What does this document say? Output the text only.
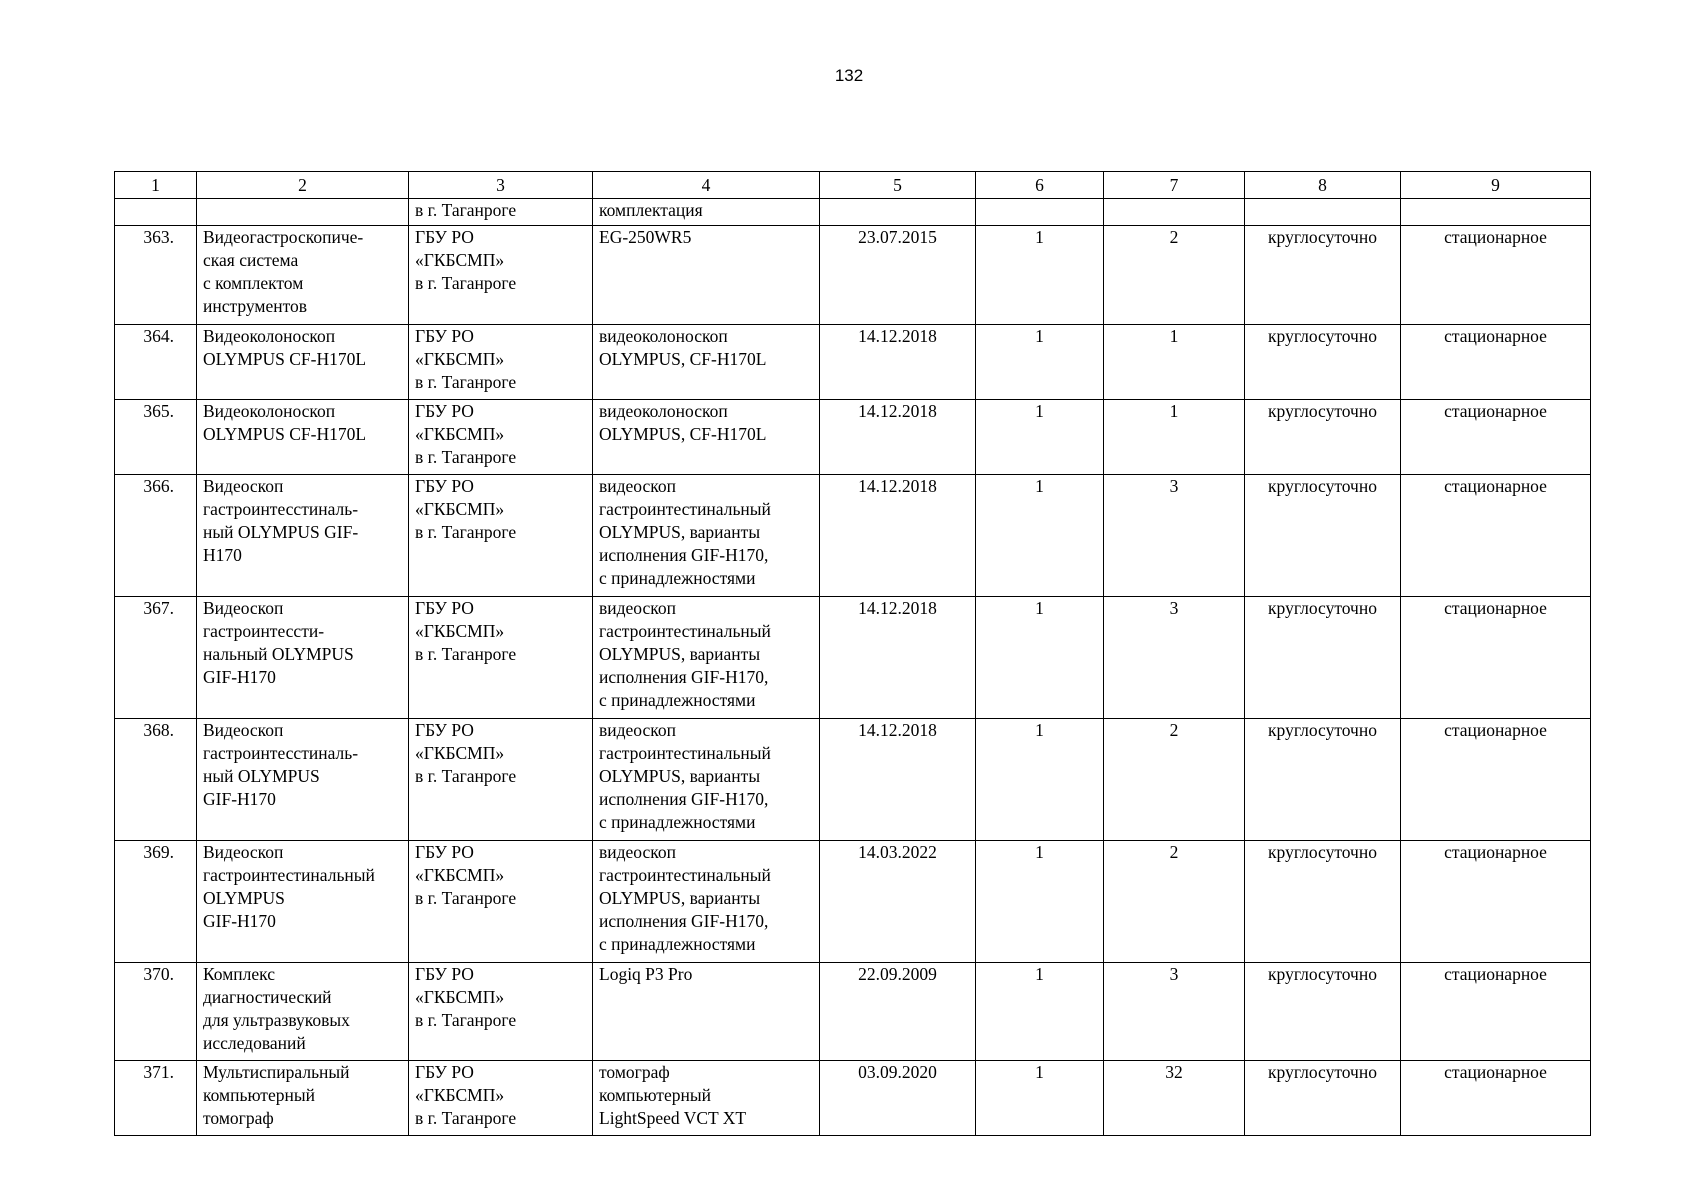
132
1	2	3	4	5	6	7	8	9
		в г. Таганроге	комплектация					
363.	Видеогастроскопиче-
ская система
с комплектом
инструментов	ГБУ РО
«ГКБСМП»
в г. Таганроге	EG-250WR5	23.07.2015	1	2	круглосуточно	стационарное
364.	Видеоколоноскоп
OLYMPUS CF-H170L	ГБУ РО
«ГКБСМП»
в г. Таганроге	видеоколоноскоп
OLYMPUS, CF-H170L	14.12.2018	1	1	круглосуточно	стационарное
365.	Видеоколоноскоп
OLYMPUS CF-H170L	ГБУ РО
«ГКБСМП»
в г. Таганроге	видеоколоноскоп
OLYMPUS, CF-H170L	14.12.2018	1	1	круглосуточно	стационарное
366.	Видеоскоп
гастроинтесстиналь-
ный OLYMPUS GIF-
H170	ГБУ РО
«ГКБСМП»
в г. Таганроге	видеоскоп
гастроинтестинальный
OLYMPUS, варианты
исполнения GIF-H170,
с принадлежностями	14.12.2018	1	3	круглосуточно	стационарное
367.	Видеоскоп
гастроинтессти-
нальный OLYMPUS
GIF-H170	ГБУ РО
«ГКБСМП»
в г. Таганроге	видеоскоп
гастроинтестинальный
OLYMPUS, варианты
исполнения GIF-H170,
с принадлежностями	14.12.2018	1	3	круглосуточно	стационарное
368.	Видеоскоп
гастроинтесстиналь-
ный OLYMPUS
GIF-H170	ГБУ РО
«ГКБСМП»
в г. Таганроге	видеоскоп
гастроинтестинальный
OLYMPUS, варианты
исполнения GIF-H170,
с принадлежностями	14.12.2018	1	2	круглосуточно	стационарное
369.	Видеоскоп
гастроинтестинальный
OLYMPUS
GIF-H170	ГБУ РО
«ГКБСМП»
в г. Таганроге	видеоскоп
гастроинтестинальный
OLYMPUS, варианты
исполнения GIF-H170,
с принадлежностями	14.03.2022	1	2	круглосуточно	стационарное
370.	Комплекс
диагностический
для ультразвуковых
исследований	ГБУ РО
«ГКБСМП»
в г. Таганроге	Logiq P3 Pro	22.09.2009	1	3	круглосуточно	стационарное
371.	Мультиспиральный
компьютерный
томограф	ГБУ РО
«ГКБСМП»
в г. Таганроге	томограф
компьютерный
LightSpeed VCT XT	03.09.2020	1	32	круглосуточно	стационарное
